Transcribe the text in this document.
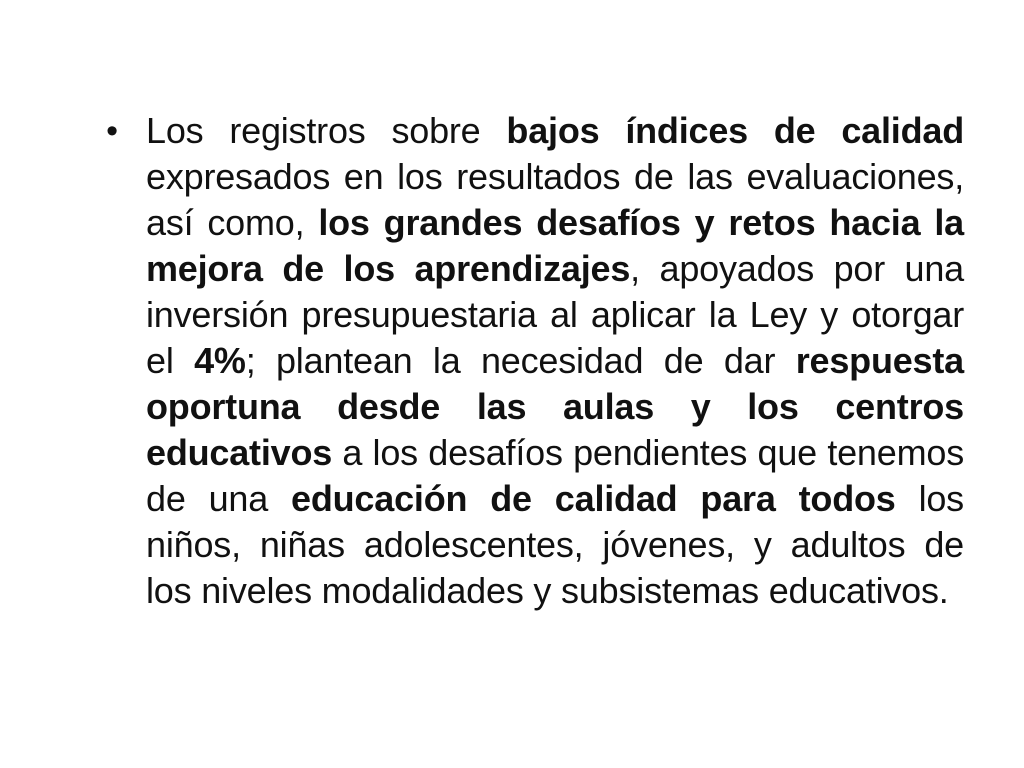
• Los registros sobre bajos índices de calidad expresados en los resultados de las evaluaciones, así como, los grandes desafíos y retos hacia la mejora de los aprendizajes, apoyados por una inversión presupuestaria al aplicar la Ley y otorgar el 4%; plantean la necesidad de dar respuesta oportuna desde las aulas y los centros educativos a los desafíos pendientes que tenemos de una educación de calidad para todos los niños, niñas adolescentes, jóvenes, y adultos de los niveles modalidades y subsistemas educativos.
